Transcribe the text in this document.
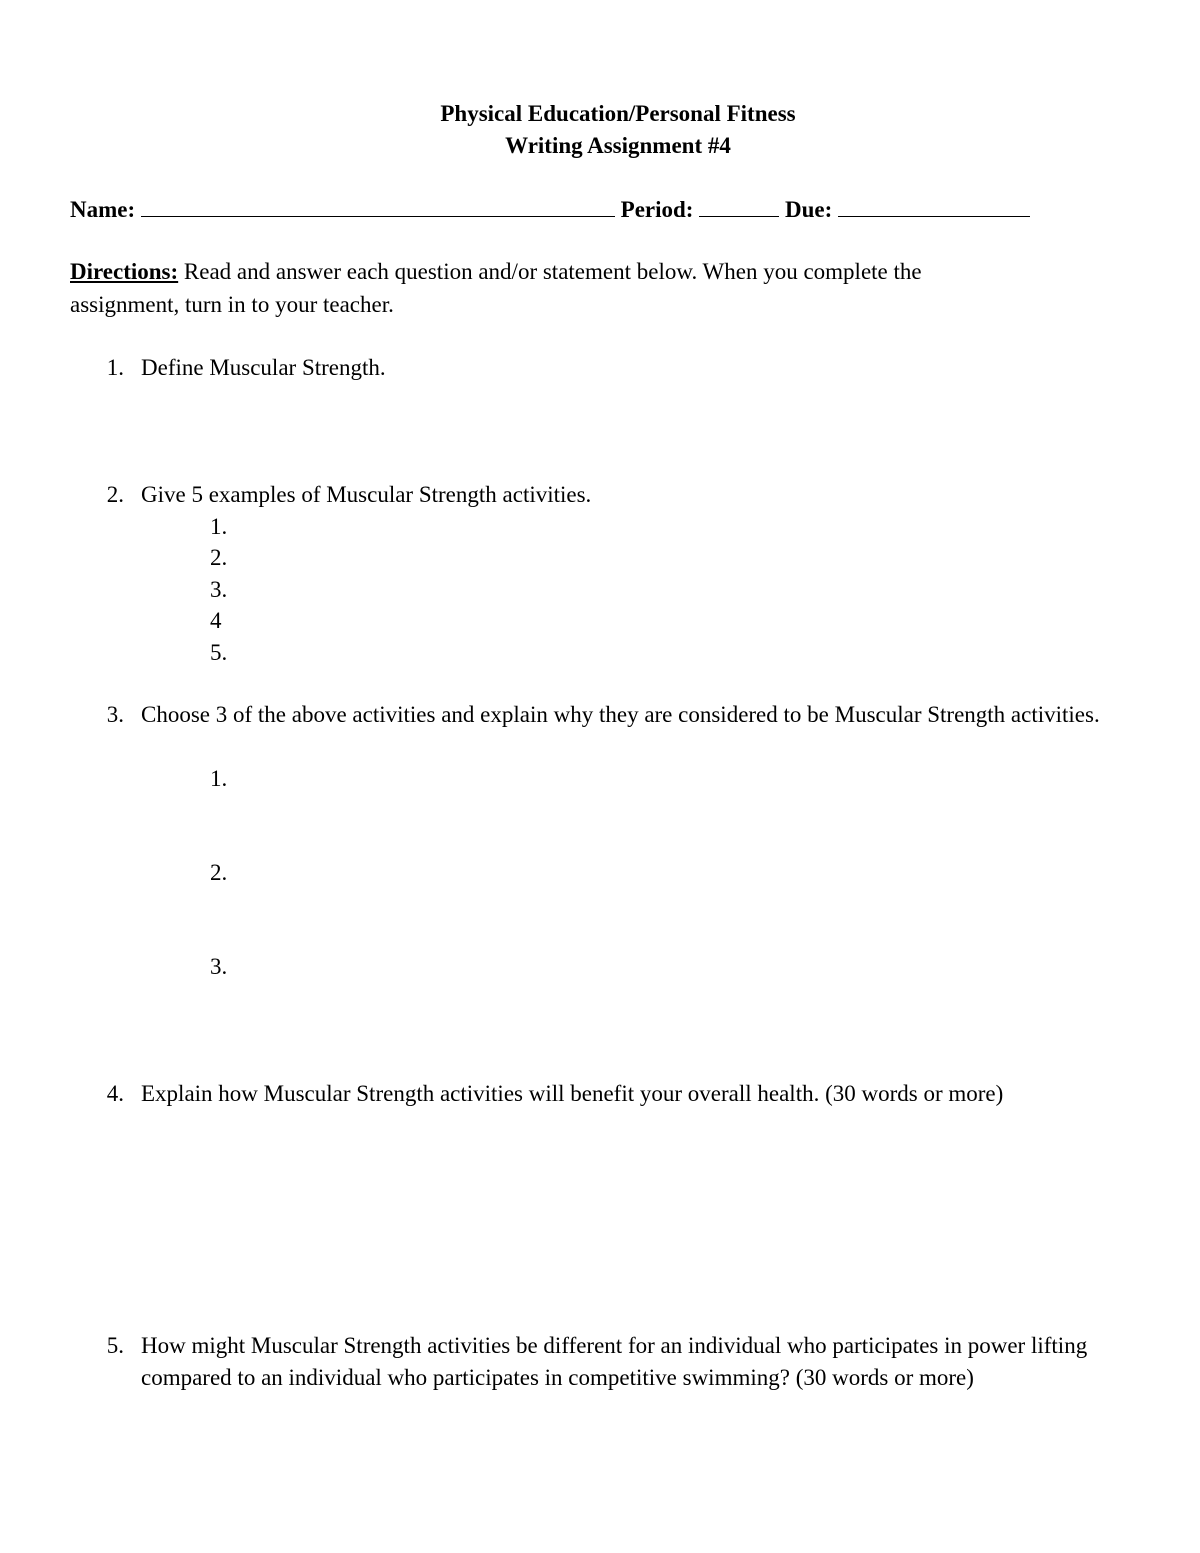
Physical Education/Personal Fitness
Writing Assignment #4
Name:	Period:	Due:
Directions: Read and answer each question and/or statement below. When you complete the
assignment, turn in to your teacher.
1. Define Muscular Strength.
2. Give 5 examples of Muscular Strength activities.
1.
2.
3.
4
5.
3. Choose 3 of the above activities and explain why they are considered to be Muscular Strength activities.
1.
2.
3.
4. Explain how Muscular Strength activities will benefit your overall health. (30 words or more)
5. How might Muscular Strength activities be different for an individual who participates in power lifting compared to an individual who participates in competitive swimming? (30 words or more)
